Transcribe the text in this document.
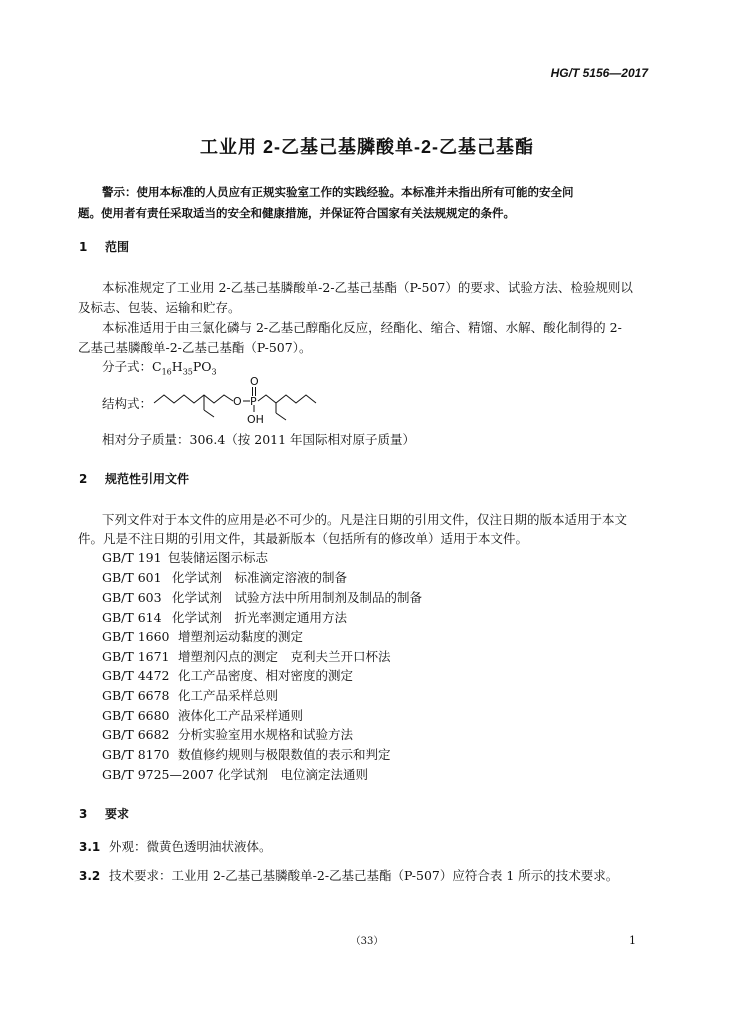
HG/T 5156—2017
工业用 2-乙基己基膦酸单-2-乙基己基酯
警示：使用本标准的人员应有正规实验室工作的实践经验。本标准并未指出所有可能的安全问
题。使用者有责任采取适当的安全和健康措施，并保证符合国家有关法规规定的条件。
1 范围
本标准规定了工业用 2-乙基己基膦酸单-2-乙基己基酯（P-507）的要求、试验方法、检验规则以
及标志、包装、运输和贮存。
本标准适用于由三氯化磷与 2-乙基己醇酯化反应，经酯化、缩合、精馏、水解、酸化制得的 2-
乙基己基膦酸单-2-乙基己基酯（P-507）。
分子式：$C_{16}H_{35}PO_3$
结构式：	O P
O
OH
相对分子质量：306.4（按 2011 年国际相对原子质量）
2 规范性引用文件
下列文件对于本文件的应用是必不可少的。凡是注日期的引用文件，仅注日期的版本适用于本文
件。凡是不注日期的引用文件，其最新版本（包括所有的修改单）适用于本文件。
GB/T 191 包装储运图示标志
GB/T 601 化学试剂　标准滴定溶液的制备
GB/T 603 化学试剂　试验方法中所用制剂及制品的制备
GB/T 614 化学试剂　折光率测定通用方法
GB/T 1660 增塑剂运动黏度的测定
GB/T 1671 增塑剂闪点的测定　克利夫兰开口杯法
GB/T 4472 化工产品密度、相对密度的测定
GB/T 6678 化工产品采样总则
GB/T 6680 液体化工产品采样通则
GB/T 6682 分析实验室用水规格和试验方法
GB/T 8170 数值修约规则与极限数值的表示和判定
GB/T 9725—2007 化学试剂　电位滴定法通则
3 要求
3.1 外观：微黄色透明油状液体。
3.2 技术要求：工业用 2-乙基己基膦酸单-2-乙基己基酯（P-507）应符合表 1 所示的技术要求。
（33）	1
